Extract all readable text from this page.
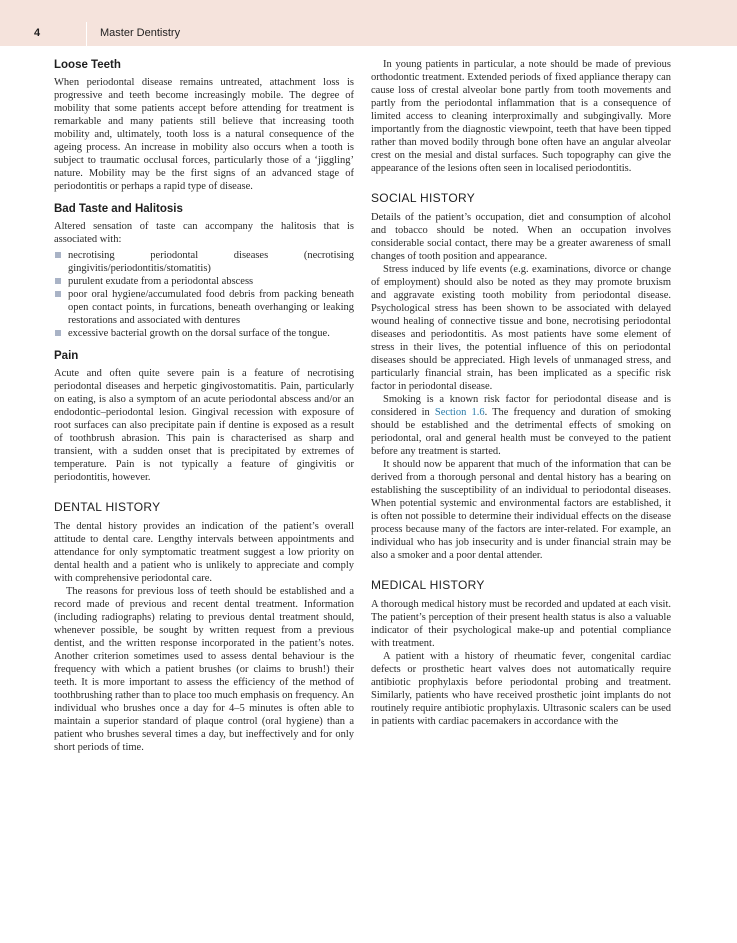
4	Master Dentistry
Loose Teeth

When periodontal disease remains untreated, attachment loss is progressive and teeth become increasingly mobile. The degree of mobility that some patients accept before attending for treatment is remarkable and many patients still believe that increasing tooth mobility and, ultimately, tooth loss is a natural consequence of the ageing process. An increase in mobility also occurs when a tooth is subject to traumatic occlusal forces, particularly those of a ‘jiggling’ nature. Mobility may be the first signs of an advanced stage of periodontitis or perhaps a rapid type of disease.

Bad Taste and Halitosis

Altered sensation of taste can accompany the halitosis that is associated with:

necrotising periodontal diseases (necrotising gingivitis/periodontitis/stomatitis)
purulent exudate from a periodontal abscess
poor oral hygiene/accumulated food debris from packing beneath open contact points, in furcations, beneath overhanging or leaking restorations and associated with dentures
excessive bacterial growth on the dorsal surface of the tongue.
Pain

Acute and often quite severe pain is a feature of necrotising periodontal diseases and herpetic gingivostomatitis. Pain, particularly on eating, is also a symptom of an acute periodontal abscess and/or an endodontic–periodontal lesion. Gingival recession with exposure of root surfaces can also precipitate pain if dentine is exposed as a result of toothbrush abrasion. This pain is characterised as sharp and transient, with a sudden onset that is precipitated by extremes of temperature. Pain is not typically a feature of gingivitis or periodontitis, however.

DENTAL HISTORY

The dental history provides an indication of the patient’s overall attitude to dental care. Lengthy intervals between appointments and attendance for only symptomatic treatment suggest a low priority on dental health and a patient who is unlikely to appreciate and comply with comprehensive periodontal care.

The reasons for previous loss of teeth should be established and a record made of previous and recent dental treatment. Information (including radiographs) relating to previous dental treatment should, whenever possible, be sought by written request from a previous dentist, and the written response incorporated in the patient’s notes. Another criterion sometimes used to assess dental behaviour is the frequency with which a patient brushes (or claims to brush!) their teeth. It is more important to assess the efficiency of the method of toothbrushing rather than to place too much emphasis on frequency. An individual who brushes once a day for 4–5 minutes is often able to maintain a superior standard of plaque control (oral hygiene) than a patient who brushes several times a day, but ineffectively and for only short periods of time.

In young patients in particular, a note should be made of previous orthodontic treatment. Extended periods of fixed appliance therapy can cause loss of crestal alveolar bone partly from tooth movements and partly from the periodontal inflammation that is a consequence of limited access to cleaning interproximally and subgingivally. More importantly from the diagnostic viewpoint, teeth that have been tipped rather than moved bodily through bone often have an angular alveolar crest on the mesial and distal surfaces. Such topography can give the appearance of the lesions often seen in localised periodontitis.

SOCIAL HISTORY

Details of the patient’s occupation, diet and consumption of alcohol and tobacco should be noted. When an occupation involves considerable social contact, there may be a greater awareness of small changes of tooth position and appearance.

Stress induced by life events (e.g. examinations, divorce or change of employment) should also be noted as they may promote bruxism and aggravate existing tooth mobility from periodontal disease. Psychological stress has been shown to be associated with delayed wound healing of connective tissue and bone, necrotising periodontal diseases and periodontitis. As most patients have some element of stress in their lives, the potential influence of this on periodontal diseases should be appreciated. High levels of unmanaged stress, and particularly financial strain, has been implicated as a specific risk factor in periodontal disease.

Smoking is a known risk factor for periodontal disease and is considered in Section 1.6. The frequency and duration of smoking should be established and the detrimental effects of smoking on periodontal, oral and general health must be conveyed to the patient before any treatment is started.

It should now be apparent that much of the information that can be derived from a thorough personal and dental history has a bearing on establishing the susceptibility of an individual to periodontal diseases. When potential systemic and environmental factors are established, it is often not possible to determine their individual effects on the disease process because many of the factors are inter-related. For example, an individual who has job insecurity and is under financial strain may be also a smoker and a poor dental attender.

MEDICAL HISTORY

A thorough medical history must be recorded and updated at each visit. The patient’s perception of their present health status is also a valuable indicator of their psychological make-up and potential compliance with treatment.

A patient with a history of rheumatic fever, congenital cardiac defects or prosthetic heart valves does not automatically require antibiotic prophylaxis before periodontal probing and treatment. Similarly, patients who have received prosthetic joint implants do not routinely require antibiotic prophylaxis. Ultrasonic scalers can be used in patients with cardiac pacemakers in accordance with the
